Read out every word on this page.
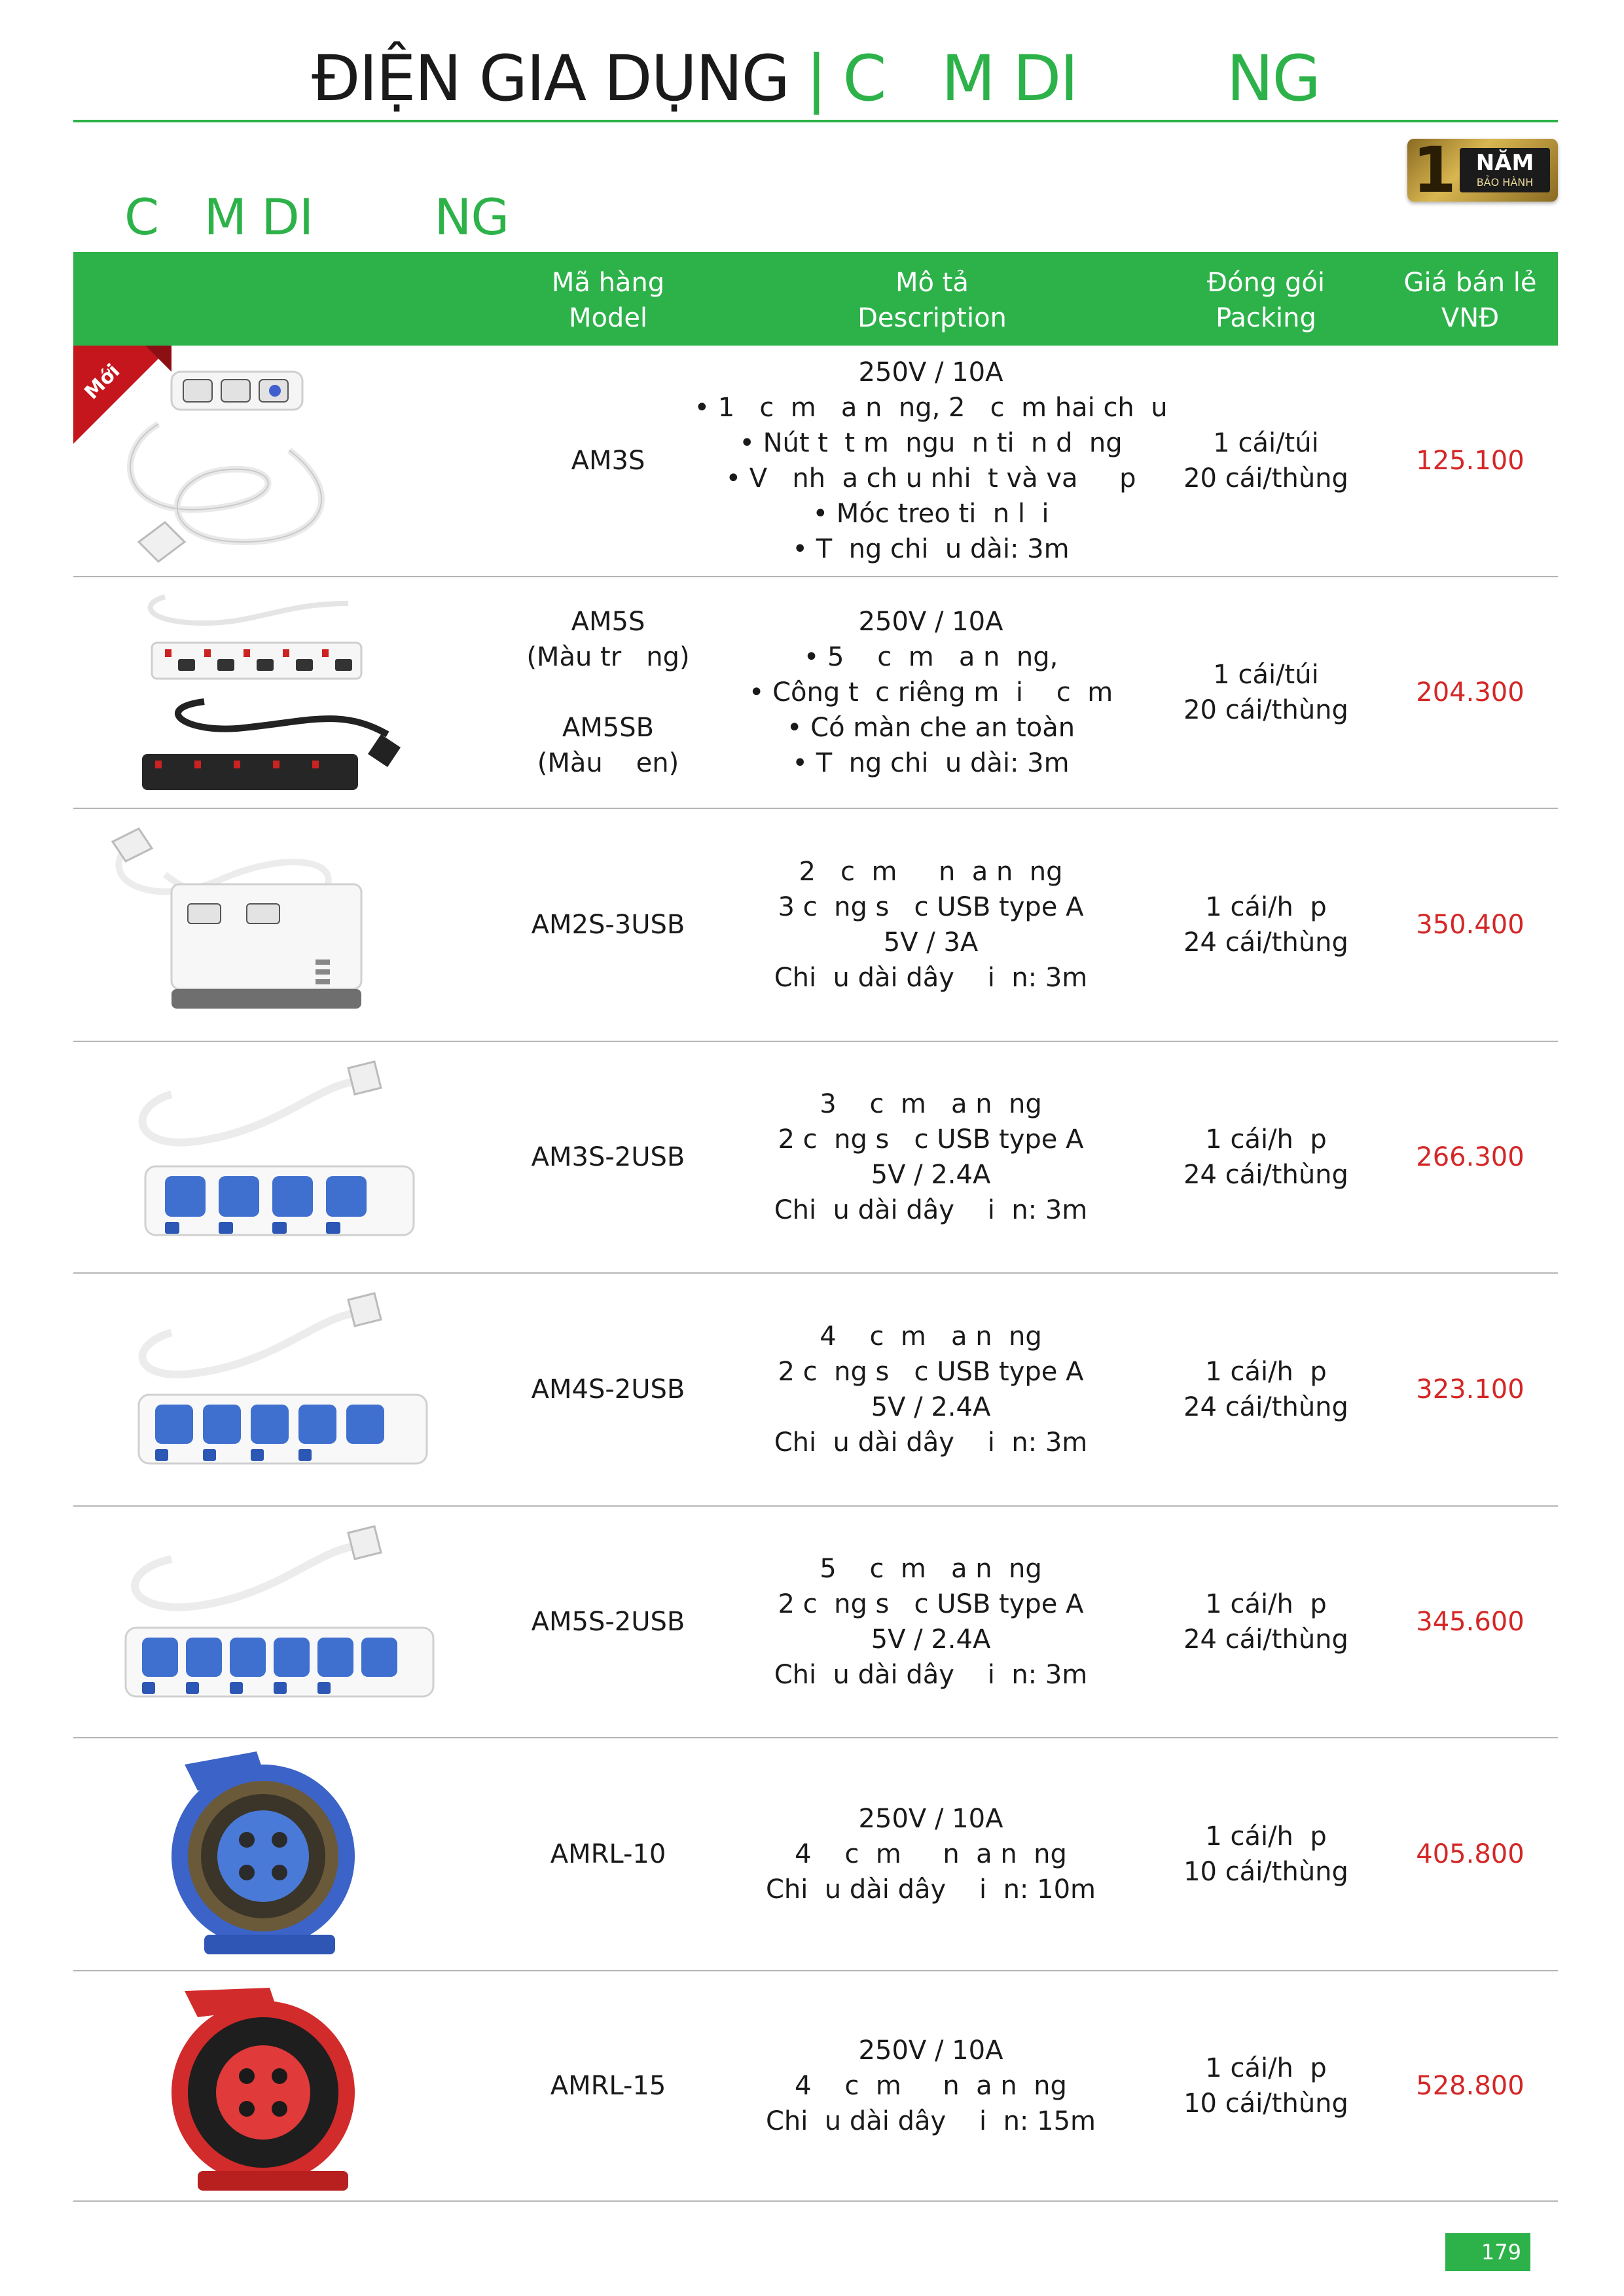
ĐIỆN GIA DỤNG | C   M DI        NG
1 NĂM
BẢO HÀNH
C   M DI        NG
Mã hàng
Model
Mô tả
Description
Đóng gói
Packing
Giá bán lẻ
VNĐ
Mới
AM3S
250V / 10A
• 1   c  m   a n  ng, 2   c  m hai ch  u
• Nút t  t m  ngu  n ti  n d  ng
• V   nh  a ch u nhi  t và va     p
• Móc treo ti  n l  i
• T  ng chi  u dài: 3m
1 cái/túi
20 cái/thùng
125.100
AM5S
(Màu tr   ng)
AM5SB
(Màu    en)
250V / 10A
• 5    c  m   a n  ng,
• Công t  c riêng m  i    c  m
• Có màn che an toàn
• T  ng chi  u dài: 3m
1 cái/túi
20 cái/thùng
204.300
AM2S-3USB
2   c  m     n  a n  ng
3 c  ng s   c USB type A
5V / 3A
Chi  u dài dây    i  n: 3m
1 cái/h  p
24 cái/thùng
350.400
AM3S-2USB
3    c  m   a n  ng
2 c  ng s   c USB type A
5V / 2.4A
Chi  u dài dây    i  n: 3m
1 cái/h  p
24 cái/thùng
266.300
AM4S-2USB
4    c  m   a n  ng
2 c  ng s   c USB type A
5V / 2.4A
Chi  u dài dây    i  n: 3m
1 cái/h  p
24 cái/thùng
323.100
AM5S-2USB
5    c  m   a n  ng
2 c  ng s   c USB type A
5V / 2.4A
Chi  u dài dây    i  n: 3m
1 cái/h  p
24 cái/thùng
345.600
AMRL-10
250V / 10A
4    c  m     n  a n  ng
Chi  u dài dây    i  n: 10m
1 cái/h  p
10 cái/thùng
405.800
AMRL-15
250V / 10A
4    c  m     n  a n  ng
Chi  u dài dây    i  n: 15m
1 cái/h  p
10 cái/thùng
528.800
179
